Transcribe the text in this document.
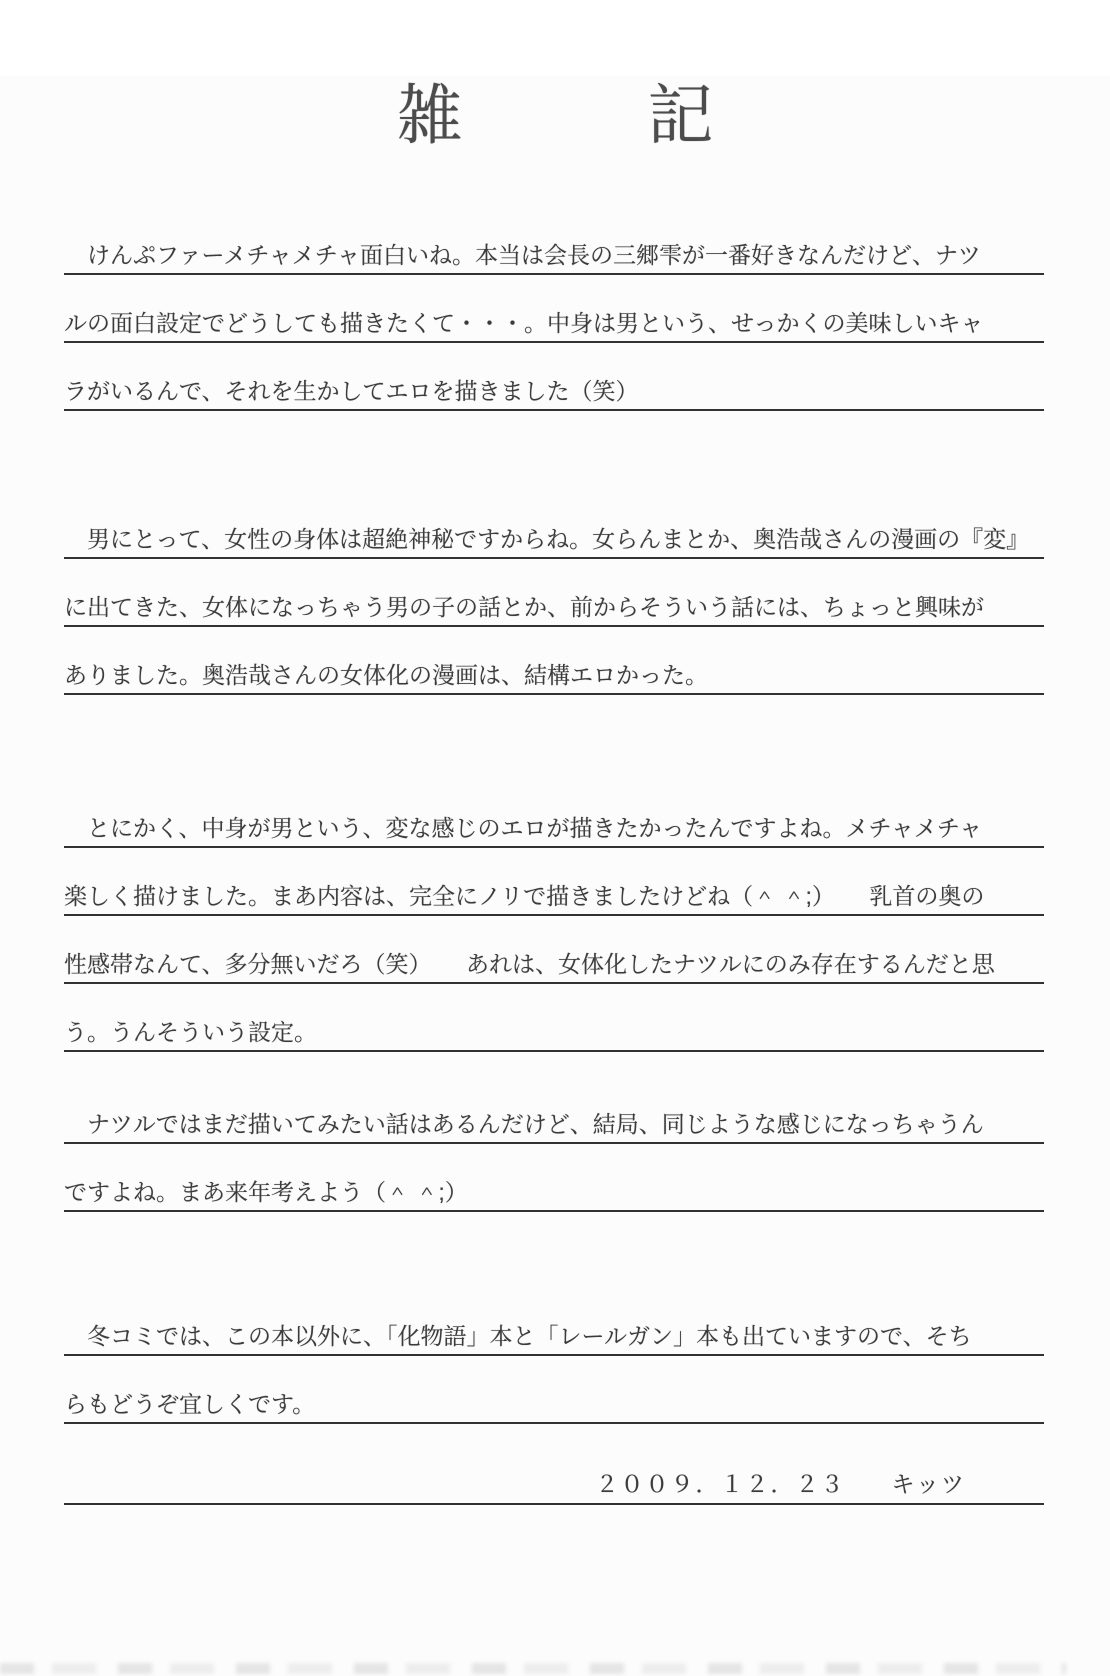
雑　記
　けんぷファーメチャメチャ面白いね。本当は会長の三郷雫が一番好きなんだけど、ナツ
ルの面白設定でどうしても描きたくて・・・。中身は男という、せっかくの美味しいキャ
ラがいるんで、それを生かしてエロを描きました（笑）
　男にとって、女性の身体は超絶神秘ですからね。女らんまとか、奥浩哉さんの漫画の『変』
に出てきた、女体になっちゃう男の子の話とか、前からそういう話には、ちょっと興味が
ありました。奥浩哉さんの女体化の漫画は、結構エロかった。
　とにかく、中身が男という、変な感じのエロが描きたかったんですよね。メチャメチャ
楽しく描けました。まあ内容は、完全にノリで描きましたけどね（＾ ＾;）　　乳首の奥の
性感帯なんて、多分無いだろ（笑）　　あれは、女体化したナツルにのみ存在するんだと思
う。うんそういう設定。
　ナツルではまだ描いてみたい話はあるんだけど、結局、同じような感じになっちゃうん
ですよね。まあ来年考えよう（＾ ＾;）
　冬コミでは、この本以外に、「化物語」本と「レールガン」本も出ていますので、そち
らもどうぞ宜しくです。
２００９．１２．２３ キッツ
